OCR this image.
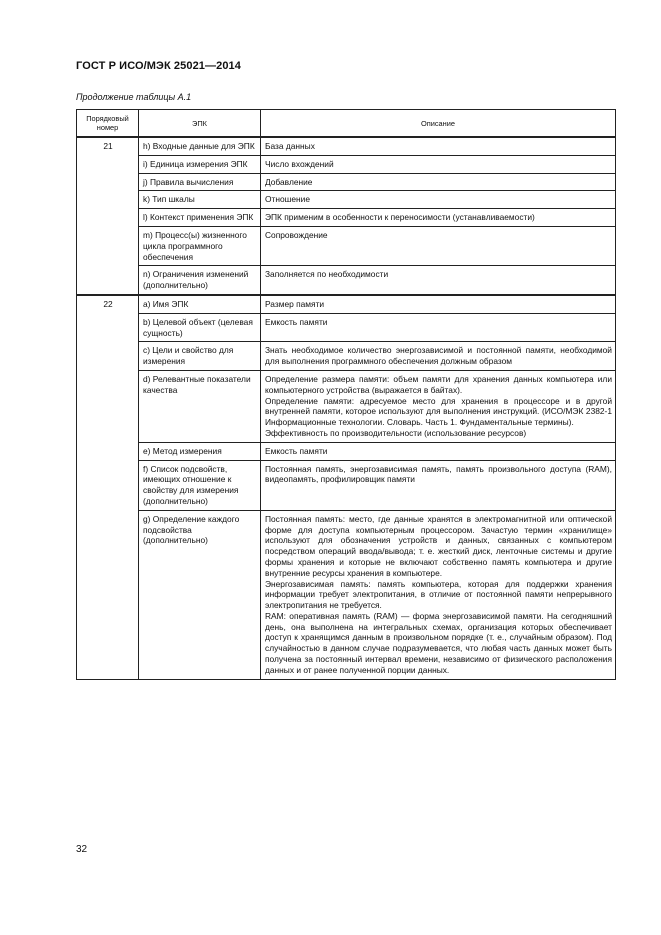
ГОСТ Р ИСО/МЭК 25021—2014
Продолжение таблицы А.1
Порядковый номер	ЭПК	Описание
21	h) Входные данные для ЭПК	База данных

	i) Единица измерения ЭПК	Число вхождений

	j) Правила вычисления	Добавление

	k) Тип шкалы	Отношение

	l) Контекст применения ЭПК	ЭПК применим в особенности к переносимости (устанавливаемости)

	m) Процесс(ы) жизненного цикла программного обеспечения	Сопровождение

	n) Ограничения изменений (дополнительно)	Заполняется по необходимости

22	a) Имя ЭПК	Размер памяти

	b) Целевой объект (целевая сущность)	Емкость памяти

	c) Цели и свойство для измерения	Знать необходимое количество энергозависимой и постоянной памяти, необходимой для выполнения программного обеспечения должным образом

	d) Релевантные показатели качества	Определение размера памяти: объем памяти для хранения данных компьютера или компьютерного устройства (выражается в байтах).
Определение памяти: адресуемое место для хранения в процессоре и в другой внутренней памяти, которое используют для выполнения инструкций. (ИСО/МЭК 2382-1 Информационные технологии. Словарь. Часть 1. Фундаментальные термины).
Эффективность по производительности (использование ресурсов)

	e) Метод измерения	Емкость памяти

	f) Список подсвойств, имеющих отношение к свойству для измерения (дополнительно)	Постоянная память, энергозависимая память, память произвольного доступа (RAM), видеопамять, профилировщик памяти

	g) Определение каждого подсвойства (дополнительно)	Постоянная память: место, где данные хранятся в электромагнитной или оптической форме для доступа компьютерным процессором. Зачастую термин «хранилище» используют для обозначения устройств и данных, связанных с компьютером посредством операций ввода/вывода; т. е. жесткий диск, ленточные системы и другие формы хранения и которые не включают собственно память компьютера и другие внутренние ресурсы хранения в компьютере.
Энергозависимая память: память компьютера, которая для поддержки хранения информации требует электропитания, в отличие от постоянной памяти непрерывного электропитания не требуется.
RAM: оперативная память (RAM) — форма энергозависимой памяти. На сегодняшний день, она выполнена на интегральных схемах, организация которых обеспечивает доступ к хранящимся данным в произвольном порядке (т. е., случайным образом). Под случайностью в данном случае подразумевается, что любая часть данных может быть получена за постоянный интервал времени, независимо от физического расположения данных и от ранее полученной порции данных.
32
